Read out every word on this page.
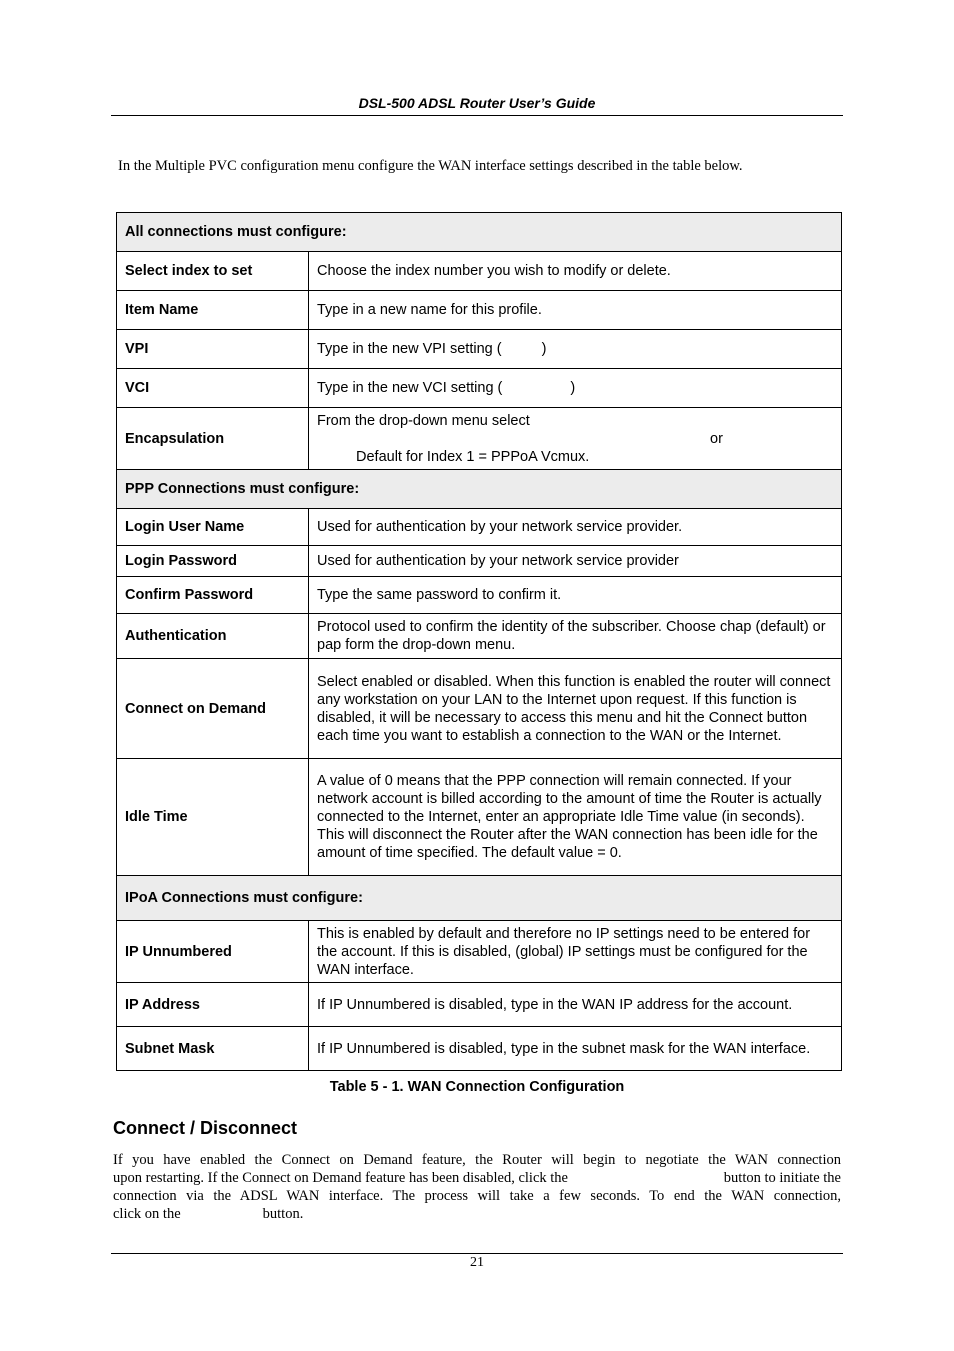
DSL-500 ADSL Router User’s Guide
In the Multiple PVC configuration menu configure the WAN interface settings described in the table below.
All connections must configure:	
Select index to set	Choose the index number you wish to modify or delete.
Item Name	Type in a new name for this profile.
VPI	Type in the new VPI setting ( )
VCI	Type in the new VCI setting ( )
Encapsulation	From the drop-down menu select
or
Default for Index 1 = PPPoA Vcmux.

PPP Connections must configure:	
Login User Name	Used for authentication by your network service provider.
Login Password	Used for authentication by your network service provider
Confirm Password	Type the same password to confirm it.
Authentication	Protocol used to confirm the identity of the subscriber. Choose chap (default) or pap form the drop-down menu.
Connect on Demand	Select enabled or disabled. When this function is enabled the router will connect any workstation on your LAN to the Internet upon request. If this function is disabled, it will be necessary to access this menu and hit the Connect button each time you want to establish a connection to the WAN or the Internet.
Idle Time	A value of 0 means that the PPP connection will remain connected. If your network account is billed according to the amount of time the Router is actually connected to the Internet, enter an appropriate Idle Time value (in seconds). This will disconnect the Router after the WAN connection has been idle for the amount of time specified. The default value = 0.
IPoA Connections must configure:	
IP Unnumbered	This is enabled by default and therefore no IP settings need to be entered for the account. If this is disabled, (global) IP settings must be configured for the WAN interface.
IP Address	If IP Unnumbered is disabled, type in the WAN IP address for the account.
Subnet Mask	If IP Unnumbered is disabled, type in the subnet mask for the WAN interface.
Table 5 - 1. WAN Connection Configuration
Connect / Disconnect
If you have enabled the Connect on Demand feature, the Router will begin to negotiate the WAN connection
upon restarting. If the Connect on Demand feature has been disabled, click the	button to initiate the
connection via the ADSL WAN interface. The process will take a few seconds. To end the WAN connection,
click on the	button.
21
